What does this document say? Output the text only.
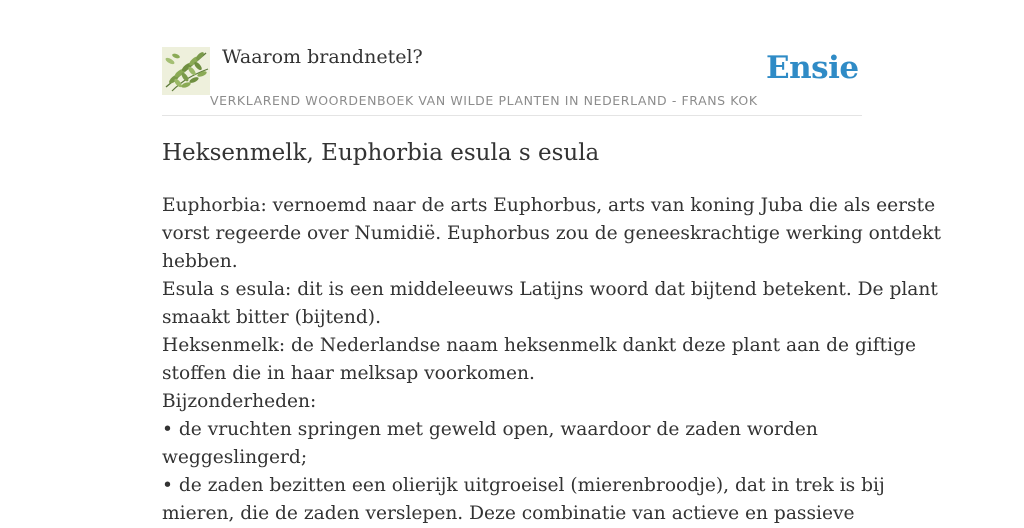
Waarom brandnetel?	Ensie
VERKLAREND WOORDENBOEK VAN WILDE PLANTEN IN NEDERLAND - FRANS KOK
Heksenmelk, Euphorbia esula s esula
Euphorbia: vernoemd naar de arts Euphorbus, arts van koning Juba die als eerste
vorst regeerde over Numidië. Euphorbus zou de geneeskrachtige werking ontdekt
hebben.
Esula s esula: dit is een middeleeuws Latijns woord dat bijtend betekent. De plant
smaakt bitter (bijtend).
Heksenmelk: de Nederlandse naam heksenmelk dankt deze plant aan de giftige
stoffen die in haar melksap voorkomen.
Bijzonderheden:
• de vruchten springen met geweld open, waardoor de zaden worden
weggeslingerd;
• de zaden bezitten een olierijk uitgroeisel (mierenbroodje), dat in trek is bij
mieren, die de zaden verslepen. Deze combinatie van actieve en passieve
